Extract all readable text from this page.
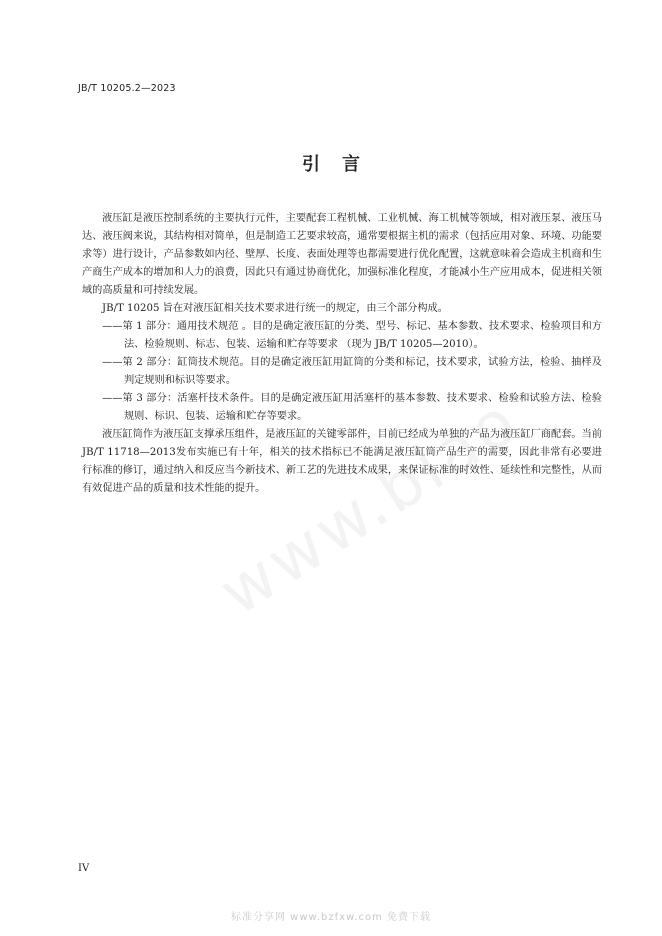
JB/T 10205.2—2023
引言

液压缸是液压控制系统的主要执行元件，主要配套工程机械、工业机械、海工机械等领域，相对液压泵、液压马达、液压阀来说，其结构相对简单，但是制造工艺要求较高，通常要根据主机的需求（包括应用对象、环境、功能要求等）进行设计，产品参数如内径、壁厚、长度、表面处理等也都需要进行优化配置，这就意味着会造成主机商和生产商生产成本的增加和人力的浪费，因此只有通过协商优化，加强标准化程度，才能减小生产应用成本，促进相关领域的高质量和可持续发展。

JB/T 10205 旨在对液压缸相关技术要求进行统一的规定，由三个部分构成。

——第 1 部分：通用技术规范 。目的是确定液压缸的分类、型号、标记、基本参数、技术要求、检验项目和方法、检验规则、标志、包装、运输和贮存等要求 （现为 JB/T 10205—2010）。

——第 2 部分：缸筒技术规范。目的是确定液压缸用缸筒的分类和标记，技术要求，试验方法，检验、抽样及判定规则和标识等要求。

——第 3 部分：活塞杆技术条件。目的是确定液压缸用活塞杆的基本参数、技术要求、检验和试验方法、检验规则、标识、包装、运输和贮存等要求。

液压缸筒作为液压缸支撑承压组件，是液压缸的关键零部件，目前已经成为单独的产品为液压缸厂商配套。当前JB/T 11718—2013发布实施已有十年，相关的技术指标已不能满足液压缸筒产品生产的需要，因此非常有必要进行标准的修订，通过纳入和反应当今新技术、新工艺的先进技术成果，来保证标准的时效性、延续性和完整性，从而有效促进产品的质量和技术性能的提升。

IV
标准分享网 www.bzfxw.com 免费下载
